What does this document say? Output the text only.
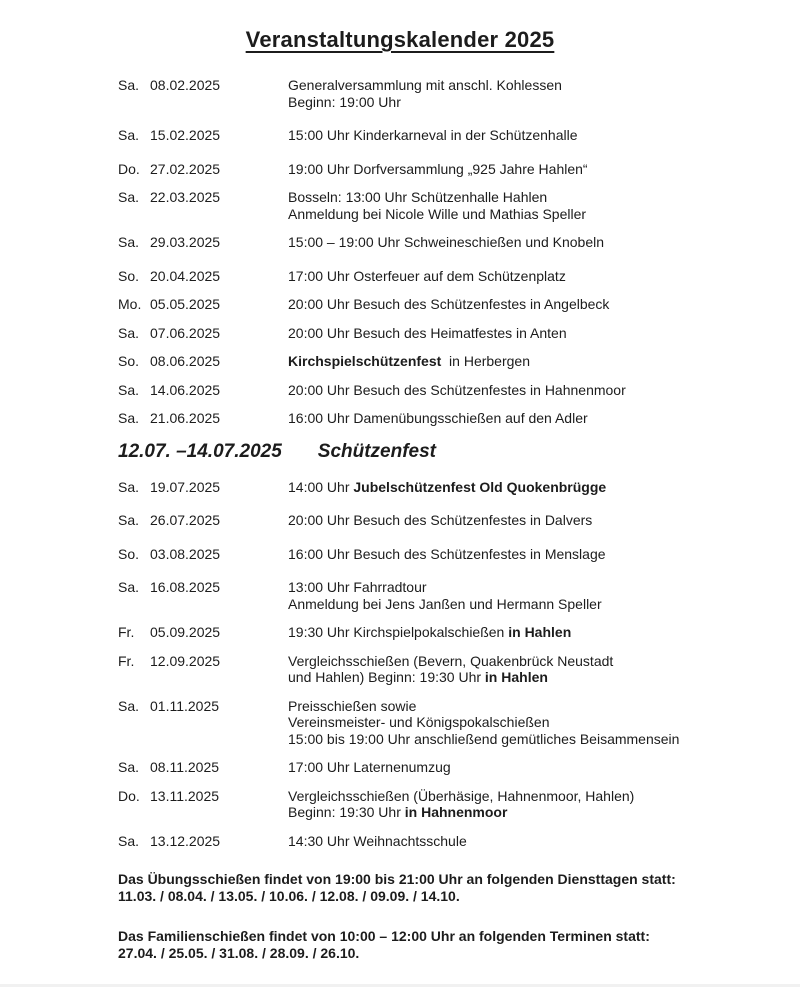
Veranstaltungskalender 2025
Sa. 08.02.2025	Generalversammlung mit anschl. Kohlessen
Beginn: 19:00 Uhr
Sa. 15.02.2025	15:00 Uhr Kinderkarneval in der Schützenhalle
Do. 27.02.2025	19:00 Uhr Dorfversammlung „925 Jahre Hahlen“
Sa. 22.03.2025	Bosseln: 13:00 Uhr Schützenhalle Hahlen
Anmeldung bei Nicole Wille und Mathias Speller
Sa. 29.03.2025	15:00 – 19:00 Uhr Schweineschießen und Knobeln
So. 20.04.2025	17:00 Uhr Osterfeuer auf dem Schützenplatz
Mo. 05.05.2025	20:00 Uhr Besuch des Schützenfestes in Angelbeck
Sa. 07.06.2025	20:00 Uhr Besuch des Heimatfestes in Anten
So. 08.06.2025	Kirchspielschützenfest  in Herbergen
Sa. 14.06.2025	20:00 Uhr Besuch des Schützenfestes in Hahnenmoor
Sa. 21.06.2025	16:00 Uhr Damenübungsschießen auf den Adler
12.07. –14.07.2025 Schützenfest
Sa. 19.07.2025	14:00 Uhr Jubelschützenfest Old Quokenbrügge
Sa. 26.07.2025	20:00 Uhr Besuch des Schützenfestes in Dalvers
So. 03.08.2025	16:00 Uhr Besuch des Schützenfestes in Menslage
Sa. 16.08.2025	13:00 Uhr Fahrradtour
Anmeldung bei Jens Janßen und Hermann Speller
Fr.	05.09.2025	19:30 Uhr Kirchspielpokalschießen in Hahlen
Fr.	12.09.2025	Vergleichsschießen (Bevern, Quakenbrück Neustadt
und Hahlen) Beginn: 19:30 Uhr in Hahlen
Sa. 01.11.2025	Preisschießen sowie
Vereinsmeister- und Königspokalschießen
15:00 bis 19:00 Uhr anschließend gemütliches Beisammensein
Sa. 08.11.2025	17:00 Uhr Laternenumzug
Do. 13.11.2025	Vergleichsschießen (Überhäsige, Hahnenmoor, Hahlen)
Beginn: 19:30 Uhr in Hahnenmoor
Sa. 13.12.2025	14:30 Uhr Weihnachtsschule

Das Übungsschießen findet von 19:00 bis 21:00 Uhr an folgenden Diensttagen statt:
11.03. / 08.04. / 13.05. / 10.06. / 12.08. / 09.09. / 14.10.

Das Familienschießen findet von 10:00 – 12:00 Uhr an folgenden Terminen statt:
27.04. / 25.05. / 31.08. / 28.09. / 26.10.
